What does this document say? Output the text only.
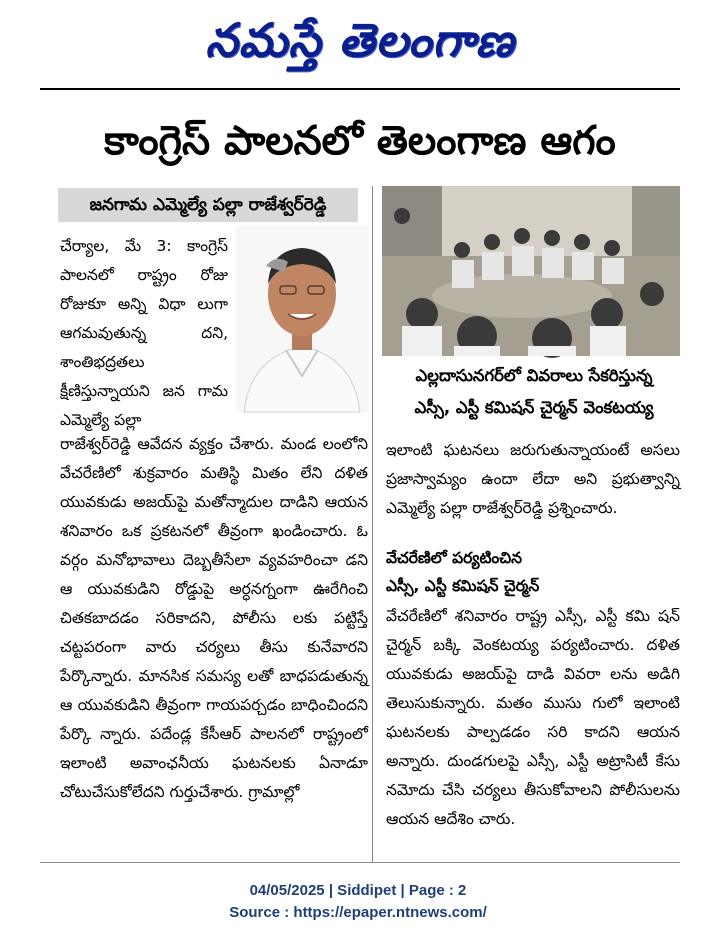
నమస్తే తెలంగాణ
కాంగ్రెస్ పాలనలో తెలంగాణ ఆగం
జనగామ ఎమ్మెల్యే పల్లా రాజేశ్వర్‌రెడ్డి

చేర్యాల, మే 3: కాంగ్రెస్ పాలనలో రాష్ట్రం రోజు రోజుకూ అన్ని విధా లుగా ఆగమవుతున్న దని, శాంతిభద్రతలు క్షీణిస్తున్నాయని జన గామ ఎమ్మెల్యే పల్లా

రాజేశ్వర్‌రెడ్డి ఆవేదన వ్యక్తం చేశారు. మండ లంలోని వేచరేణిలో శుక్రవారం మతిస్థి మితం లేని దళిత యువకుడు అజయ్‌పై మతోన్మాదుల దాడిని ఆయన శనివారం ఒక ప్రకటనలో తీవ్రంగా ఖండించారు. ఓ వర్గం మనోభావాలు దెబ్బతీసేలా వ్యవహరించా డని ఆ యువకుడిని రోడ్డుపై అర్ధనగ్నంగా ఊరేగించి చితకబాదడం సరికాదని, పోలీసు లకు పట్టిస్తే చట్టపరంగా వారు చర్యలు తీసు కునేవారని పేర్కొన్నారు. మానసిక సమస్య లతో బాధపడుతున్న ఆ యువకుడిని తీవ్రంగా గాయపర్చడం బాధించిందని పేర్కొ న్నారు. పదేండ్ల కేసీఆర్ పాలనలో రాష్ట్రంలో ఇలాంటి అవాంఛనీయ ఘటనలకు ఏనాడూ చోటుచేసుకోలేదని గుర్తుచేశారు. గ్రామాల్లో

ఎల్లదాసునగర్‌లో వివరాలు సేకరిస్తున్న
ఎస్సీ, ఎస్టీ కమిషన్ చైర్మన్ వెంకటయ్య

ఇలాంటి ఘటనలు జరుగుతున్నాయంటే అసలు ప్రజాస్వామ్యం ఉందా లేదా అని ప్రభుత్వాన్ని ఎమ్మెల్యే పల్లా రాజేశ్వర్‌రెడ్డి ప్రశ్నించారు.

వేచరేణిలో పర్యటించిన

ఎస్సీ, ఎస్టీ కమిషన్ చైర్మన్

వేచరేణిలో శనివారం రాష్ట్ర ఎస్సీ, ఎస్టీ కమి షన్ చైర్మన్ బక్కి వెంకటయ్య పర్యటించారు. దళిత యువకుడు అజయ్‌పై దాడి వివరా లను అడిగి తెలుసుకున్నారు. మతం ముసు గులో ఇలాంటి ఘటనలకు పాల్పడడం సరి కాదని ఆయన అన్నారు. దుండగులపై ఎస్సీ, ఎస్టీ అట్రాసిటీ కేసు నమోదు చేసి చర్యలు తీసుకోవాలని పోలీసులను ఆయన ఆదేశిం చారు.

04/05/2025 | Siddipet | Page : 2
Source : https://epaper.ntnews.com/
